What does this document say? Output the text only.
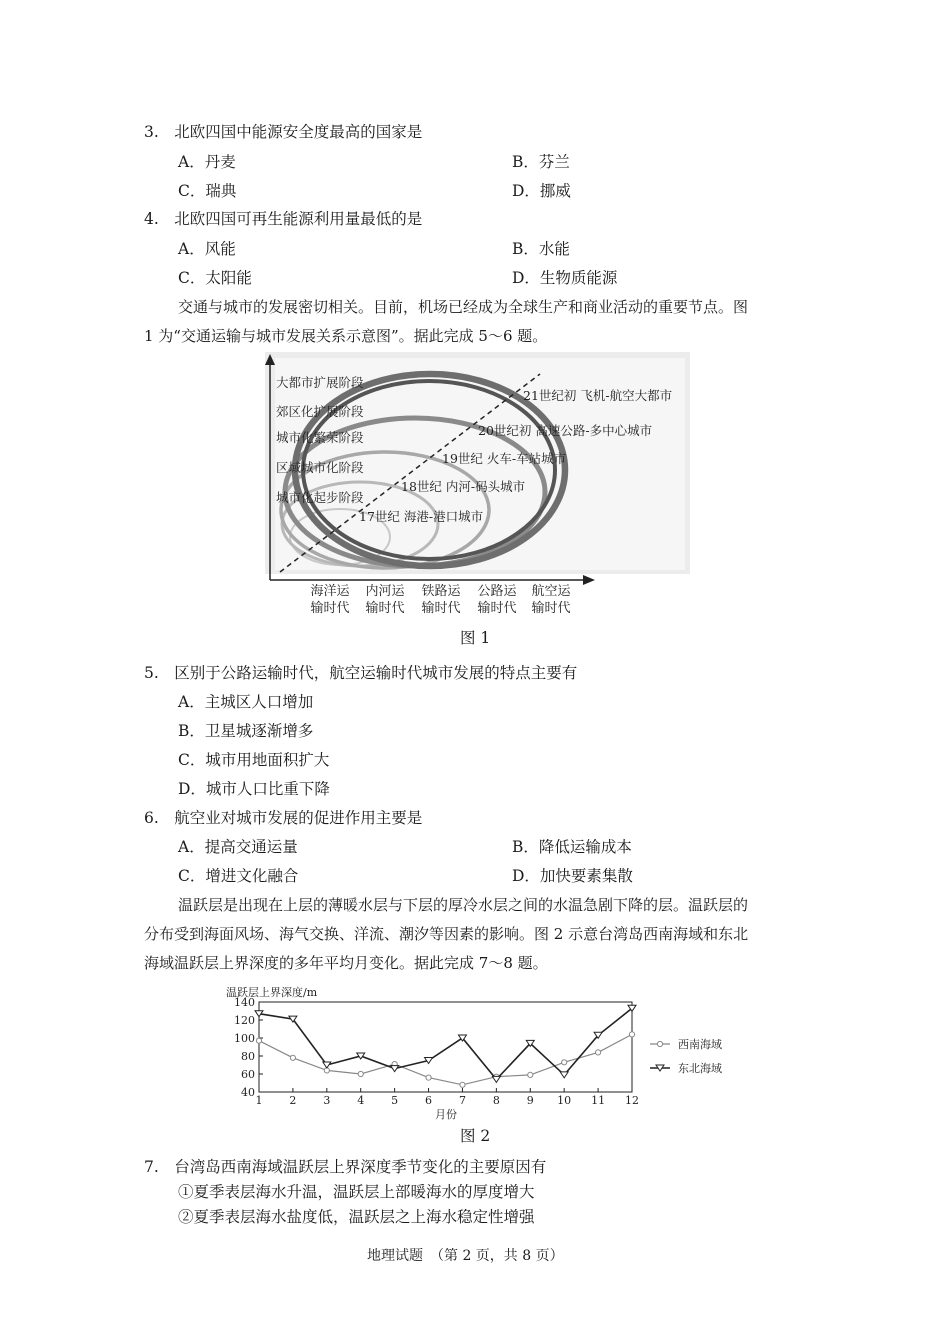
3.　北欧四国中能源安全度最高的国家是
A．丹麦	B．芬兰
C．瑞典	D．挪威
4.　北欧四国可再生能源利用量最低的是
A．风能	B．水能
C．太阳能	D．生物质能源
交通与城市的发展密切相关。目前，机场已经成为全球生产和商业活动的重要节点。图
1 为“交通运输与城市发展关系示意图”。据此完成 5～6 题。
大都市扩展阶段
郊区化扩展阶段
城市化繁荣阶段
区域城市化阶段
城市化起步阶段
21世纪初 飞机-航空大都市
20世纪初 高速公路-多中心城市
19世纪 火车-车站城市
18世纪 内河-码头城市
17世纪 海港-港口城市
海洋运
输时代
内河运
输时代
铁路运
输时代
公路运
输时代
航空运
输时代
图 1
5.　区别于公路运输时代，航空运输时代城市发展的特点主要有
A．主城区人口增加
B．卫星城逐渐增多
C．城市用地面积扩大
D．城市人口比重下降
6.　航空业对城市发展的促进作用主要是
A．提高交通运量	B．降低运输成本
C．增进文化融合	D．加快要素集散
温跃层是出现在上层的薄暖水层与下层的厚冷水层之间的水温急剧下降的层。温跃层的
分布受到海面风场、海气交换、洋流、潮汐等因素的影响。图 2 示意台湾岛西南海域和东北
海域温跃层上界深度的多年平均月变化。据此完成 7～8 题。
温跃层上界深度/m
月份
40
60
80
100
120
140
1 2 3 4 5 6 7 8 9 10 11 12
西南海域
东北海域
图 2
7.　台湾岛西南海域温跃层上界深度季节变化的主要原因有
①夏季表层海水升温，温跃层上部暖海水的厚度增大
②夏季表层海水盐度低，温跃层之上海水稳定性增强
地理试题　（第 2 页，共 8 页）
